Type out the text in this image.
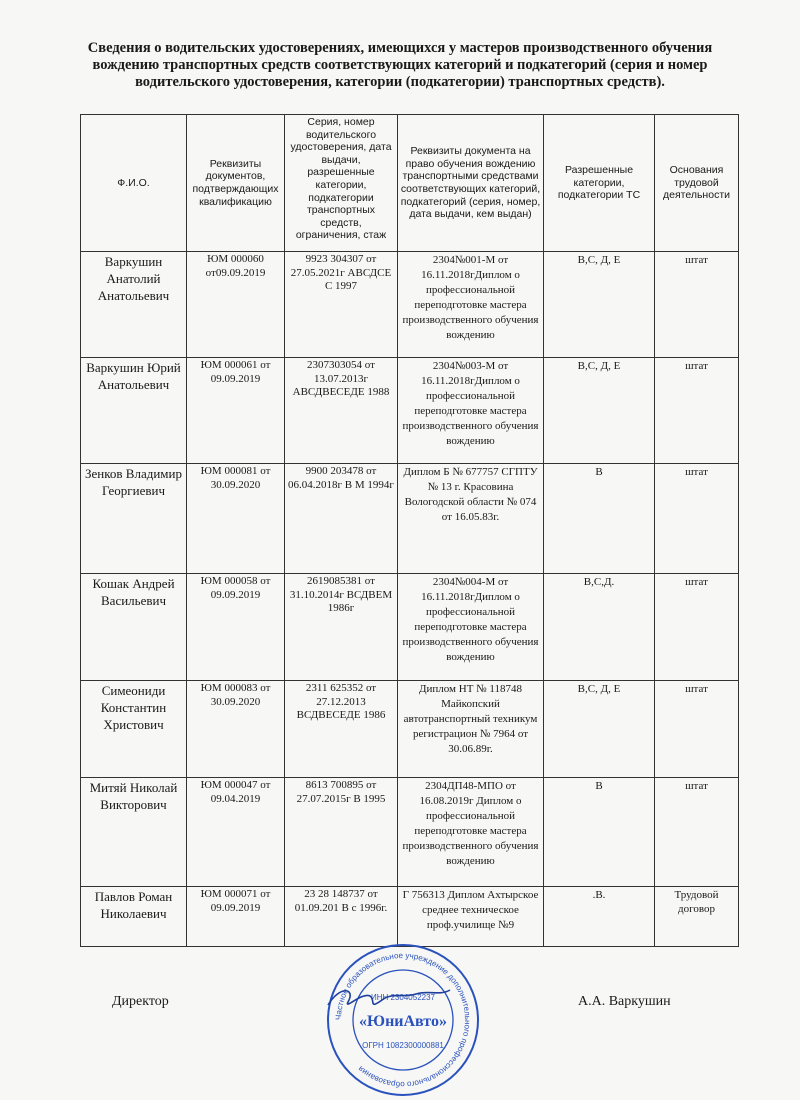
Сведения о водительских удостоверениях, имеющихся у мастеров производственного обучения вождению транспортных средств соответствующих категорий и подкатегорий (серия и номер водительского удостоверения, категории (подкатегории) транспортных средств).
Ф.И.О.	Реквизиты документов, подтверждающих квалификацию	Серия, номер водительского удостоверения, дата выдачи, разрешенные категории, подкатегории транспортных средств, ограничения, стаж	Реквизиты документа на право обучения вождению транспортными средствами соответствующих категорий, подкатегорий (серия, номер, дата выдачи, кем выдан)	Разрешенные категории, подкатегории ТС	Основания трудовой деятельности
Варкушин Анатолий Анатольевич	ЮМ 000060 от09.09.2019	9923 304307 от 27.05.2021г АВСДСЕ С 1997	2304№001-М от 16.11.2018гДиплом о профессиональной переподготовке мастера производственного обучения вождению	В,С, Д, Е	штат
Варкушин Юрий Анатольевич	ЮМ 000061 от 09.09.2019	2307303054 от 13.07.2013г АВСДВЕСЕДЕ 1988	2304№003-М от 16.11.2018гДиплом о профессиональной переподготовке мастера производственного обучения вождению	В,С, Д, Е	штат
Зенков Владимир Георгиевич	ЮМ 000081 от 30.09.2020	9900 203478 от 06.04.2018г В М 1994г	Диплом Б № 677757 СГПТУ № 13 г. Красовина Вологодской области № 074 от 16.05.83г.	В	штат
Кошак Андрей Васильевич	ЮМ 000058 от 09.09.2019	2619085381 от 31.10.2014г ВСДВЕМ 1986г	2304№004-М от 16.11.2018гДиплом о профессиональной переподготовке мастера производственного обучения вождению	В,С,Д.	штат
Симеониди Константин Христович	ЮМ 000083 от 30.09.2020	2311 625352 от 27.12.2013 ВСДВЕСЕДЕ 1986	Диплом НТ № 118748 Майкопский автотранспортный техникум регистрацион № 7964 от 30.06.89г.	В,С, Д, Е	штат
Митяй Николай Викторович	ЮМ 000047 от 09.04.2019	8613 700895 от 27.07.2015г В 1995	2304ДП48-МПО от 16.08.2019г Диплом о профессиональной переподготовке мастера производственного обучения вождению	В	штат
Павлов Роман Николаевич	ЮМ 000071 от 09.09.2019	23 28 148737 от 01.09.201 В с 1996г.	Г 756313 Диплом Ахтырское среднее техническое проф.училище №9	.В.	Трудовой договор
Директор	А.А. Варкушин
Частное образовательное учреждение дополнительного профессионального образования
ИНН 2304052237
«ЮниАвто»
ОГРН 1082300000881
